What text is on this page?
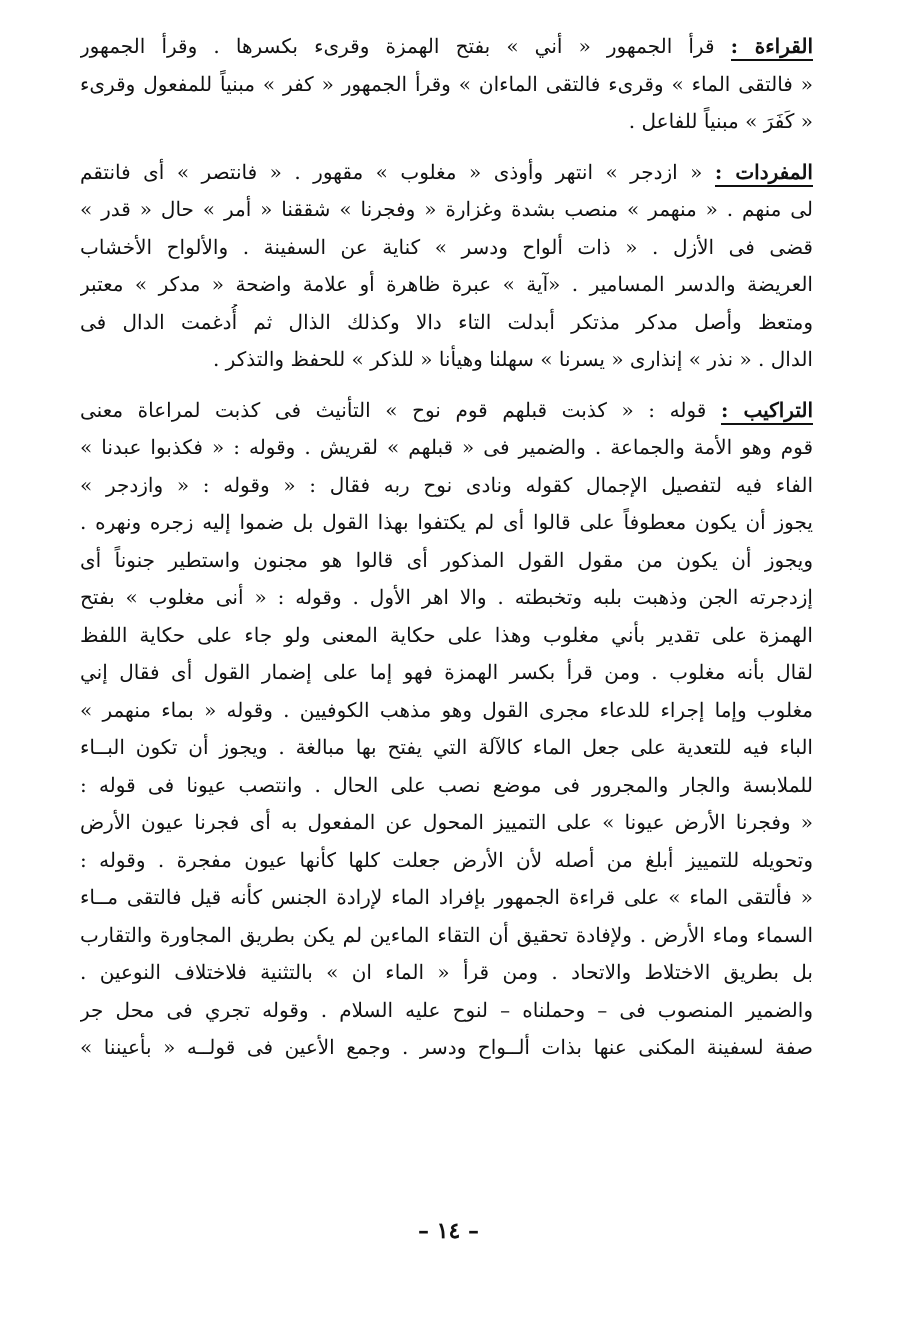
القراءة : قرأ الجمهور « أني » بفتح الهمزة وقرىء بكسرها . وقرأ الجمهور
« فالتقى الماء » وقرىء فالتقى الماءان » وقرأ الجمهور « كفر » مبنياً للمفعول وقرىء
« كَفَرَ » مبنياً للفاعل .
المفردات : « ازدجر » انتهر وأوذى « مغلوب » مقهور . « فانتصر » أى فانتقم
لى منهم . « منهمر » منصب بشدة وغزارة « وفجرنا » شققنا « أمر » حال « قدر »
قضى فى الأزل . « ذات ألواح ودسر » كناية عن السفينة . والألواح الأخشاب
العريضة والدسر المسامير . «آية » عبرة ظاهرة أو علامة واضحة « مدكر » معتبر
ومتعظ وأصل مدكر مذتكر أبدلت التاء دالا وكذلك الذال ثم أُدغمت الدال فى
الدال . « نذر » إنذارى « يسرنا » سهلنا وهيأنا « للذكر » للحفظ والتذكر .
التراكيب : قوله : « كذبت قبلهم قوم نوح » التأنيث فى كذبت لمراعاة معنى
قوم وهو الأمة والجماعة . والضمير فى « قبلهم » لقريش . وقوله : « فكذبوا عبدنا »
الفاء فيه لتفصيل الإجمال كقوله ونادى نوح ربه فقال : « وقوله : « وازدجر »
يجوز أن يكون معطوفاً على قالوا أى لم يكتفوا بهذا القول بل ضموا إليه زجره ونهره .
ويجوز أن يكون من مقول القول المذكور أى قالوا هو مجنون واستطير جنوناً أى
إزدجرته الجن وذهبت بلبه وتخبطته . والا اهر الأول . وقوله : « أنى مغلوب » بفتح
الهمزة على تقدير بأني مغلوب وهذا على حكاية المعنى ولو جاء على حكاية اللفظ
لقال بأنه مغلوب . ومن قرأ بكسر الهمزة فهو إما على إضمار القول أى فقال إني
مغلوب وإما إجراء للدعاء مجرى القول وهو مذهب الكوفيين . وقوله « بماء منهمر »
الباء فيه للتعدية على جعل الماء كالآلة التي يفتح بها مبالغة . ويجوز أن تكون البــاء
للملابسة والجار والمجرور فى موضع نصب على الحال . وانتصب عيونا فى قوله :
« وفجرنا الأرض عيونا » على التمييز المحول عن المفعول به أى فجرنا عيون الأرض
وتحويله للتمييز أبلغ من أصله لأن الأرض جعلت كلها كأنها عيون مفجرة . وقوله :
« فألتقى الماء » على قراءة الجمهور بإفراد الماء لإرادة الجنس كأنه قيل فالتقى مــاء
السماء وماء الأرض . ولإفادة تحقيق أن التقاء الماءين لم يكن بطريق المجاورة والتقارب
بل بطريق الاختلاط والاتحاد . ومن قرأ « الماء ان » بالتثنية فلاختلاف النوعين .
والضمير المنصوب فى – وحملناه – لنوح عليه السلام . وقوله تجري فى محل جر
صفة لسفينة المكنى عنها بذات ألــواح ودسر . وجمع الأعين فى قولــه « بأعيننا »
– ١٤ –
